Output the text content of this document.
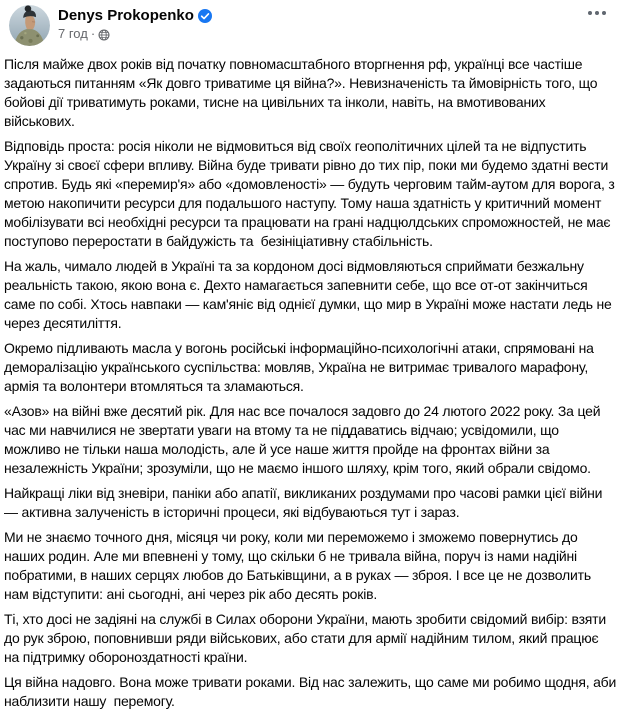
Denys Prokopenko
7 год ·

Після майже двох років від початку повномасштабного вторгнення рф, українці все частіше задаються питанням «Як довго триватиме ця війна?». Невизначеність та ймовірність того, що бойові дії триватимуть роками, тисне на цивільних та інколи, навіть, на вмотивованих військових.

Відповідь проста: росія ніколи не відмовиться від своїх геополітичних цілей та не відпустить Україну зі своєї сфери впливу. Війна буде тривати рівно до тих пір, поки ми будемо здатні вести спротив. Будь які «перемир'я» або «домовленості» — будуть черговим тайм-аутом для ворога, з метою накопичити ресурси для подальшого наступу. Тому наша здатність у критичний момент мобілізувати всі необхідні ресурси та працювати на грані надцюлдських спроможностей, не має поступово переростати в байдужість та  безініціативну стабільність.

На жаль, чимало людей в Україні та за кордоном досі відмовляються сприймати безжальну реальність такою, якою вона є. Дехто намагається запевнити себе, що все от-от закінчиться саме по собі. Хтось навпаки — кам'яніє від однієї думки, що мир в Україні може настати ледь не через десятиліття.

Окремо підливають масла у вогонь російські інформаційно-психологічні атаки, спрямовані на деморалізацію українського суспільства: мовляв, Україна не витримає тривалого марафону, армія та волонтери втомляться та зламаються.

«Азов» на війні вже десятий рік. Для нас все почалося задовго до 24 лютого 2022 року. За цей час ми навчилися не звертати уваги на втому та не піддаватись відчаю; усвідомили, що можливо не тільки наша молодість, але й усе наше життя пройде на фронтах війни за незалежність України; зрозуміли, що не маємо іншого шляху, крім того, який обрали свідомо.

Найкращі ліки від зневіри, паніки або апатії, викликаних роздумами про часові рамки цієї війни — активна залученість в історичні процеси, які відбуваються тут і зараз.

Ми не знаємо точного дня, місяця чи року, коли ми переможемо і зможемо повернутись до наших родин. Але ми впевнені у тому, що скільки б не тривала війна, поруч із нами надійні побратими, в наших серцях любов до Батьківщини, а в руках — зброя. І все це не дозволить нам відступити: ані сьогодні, ані через рік або десять років.

Ті, хто досі не задіяні на службі в Силах оборони України, мають зробити свідомий вибір: взяти до рук зброю, поповнивши ряди військових, або стати для армії надійним тилом, який працює на підтримку обороноздатності країни.

Ця війна надовго. Вона може тривати роками. Від нас залежить, що саме ми робимо щодня, аби наблизити нашу  перемогу.
